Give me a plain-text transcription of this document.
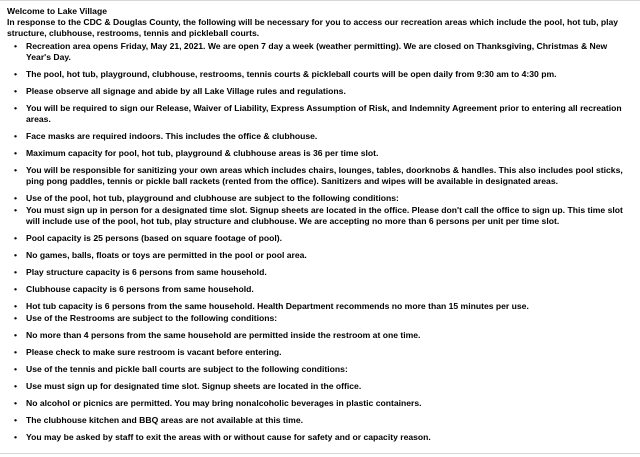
Welcome to Lake Village

In response to the CDC & Douglas County, the following will be necessary for you to access our recreation areas which include the pool, hot tub, play structure, clubhouse, restrooms, tennis and pickleball courts.

• Recreation area opens Friday, May 21, 2021. We are open 7 day a week (weather permitting). We are closed on Thanksgiving, Christmas & New Year's Day.
• The pool, hot tub, playground, clubhouse, restrooms, tennis courts & pickleball courts will be open daily from 9:30 am to 4:30 pm.
• Please observe all signage and abide by all Lake Village rules and regulations.
• You will be required to sign our Release, Waiver of Liability, Express Assumption of Risk, and Indemnity Agreement prior to entering all recreation areas.
• Face masks are required indoors. This includes the office & clubhouse.
• Maximum capacity for pool, hot tub, playground & clubhouse areas is 36 per time slot.
• You will be responsible for sanitizing your own areas which includes chairs, lounges, tables, doorknobs & handles. This also includes pool sticks, ping pong paddles, tennis or pickle ball rackets (rented from the office). Sanitizers and wipes will be available in designated areas.
• Use of the pool, hot tub, playground and clubhouse are subject to the following conditions:
• You must sign up in person for a designated time slot. Signup sheets are located in the office. Please don't call the office to sign up. This time slot will include use of the pool, hot tub, play structure and clubhouse. We are accepting no more than 6 persons per unit per time slot.
• Pool capacity is 25 persons (based on square footage of pool).
• No games, balls, floats or toys are permitted in the pool or pool area.
• Play structure capacity is 6 persons from same household.
• Clubhouse capacity is 6 persons from same household.
• Hot tub capacity is 6 persons from the same household. Health Department recommends no more than 15 minutes per use.
• Use of the Restrooms are subject to the following conditions:
• No more than 4 persons from the same household are permitted inside the restroom at one time.
• Please check to make sure restroom is vacant before entering.
• Use of the tennis and pickle ball courts are subject to the following conditions:
• Use must sign up for designated time slot. Signup sheets are located in the office.
• No alcohol or picnics are permitted. You may bring nonalcoholic beverages in plastic containers.
• The clubhouse kitchen and BBQ areas are not available at this time.
• You may be asked by staff to exit the areas with or without cause for safety and or capacity reason.
